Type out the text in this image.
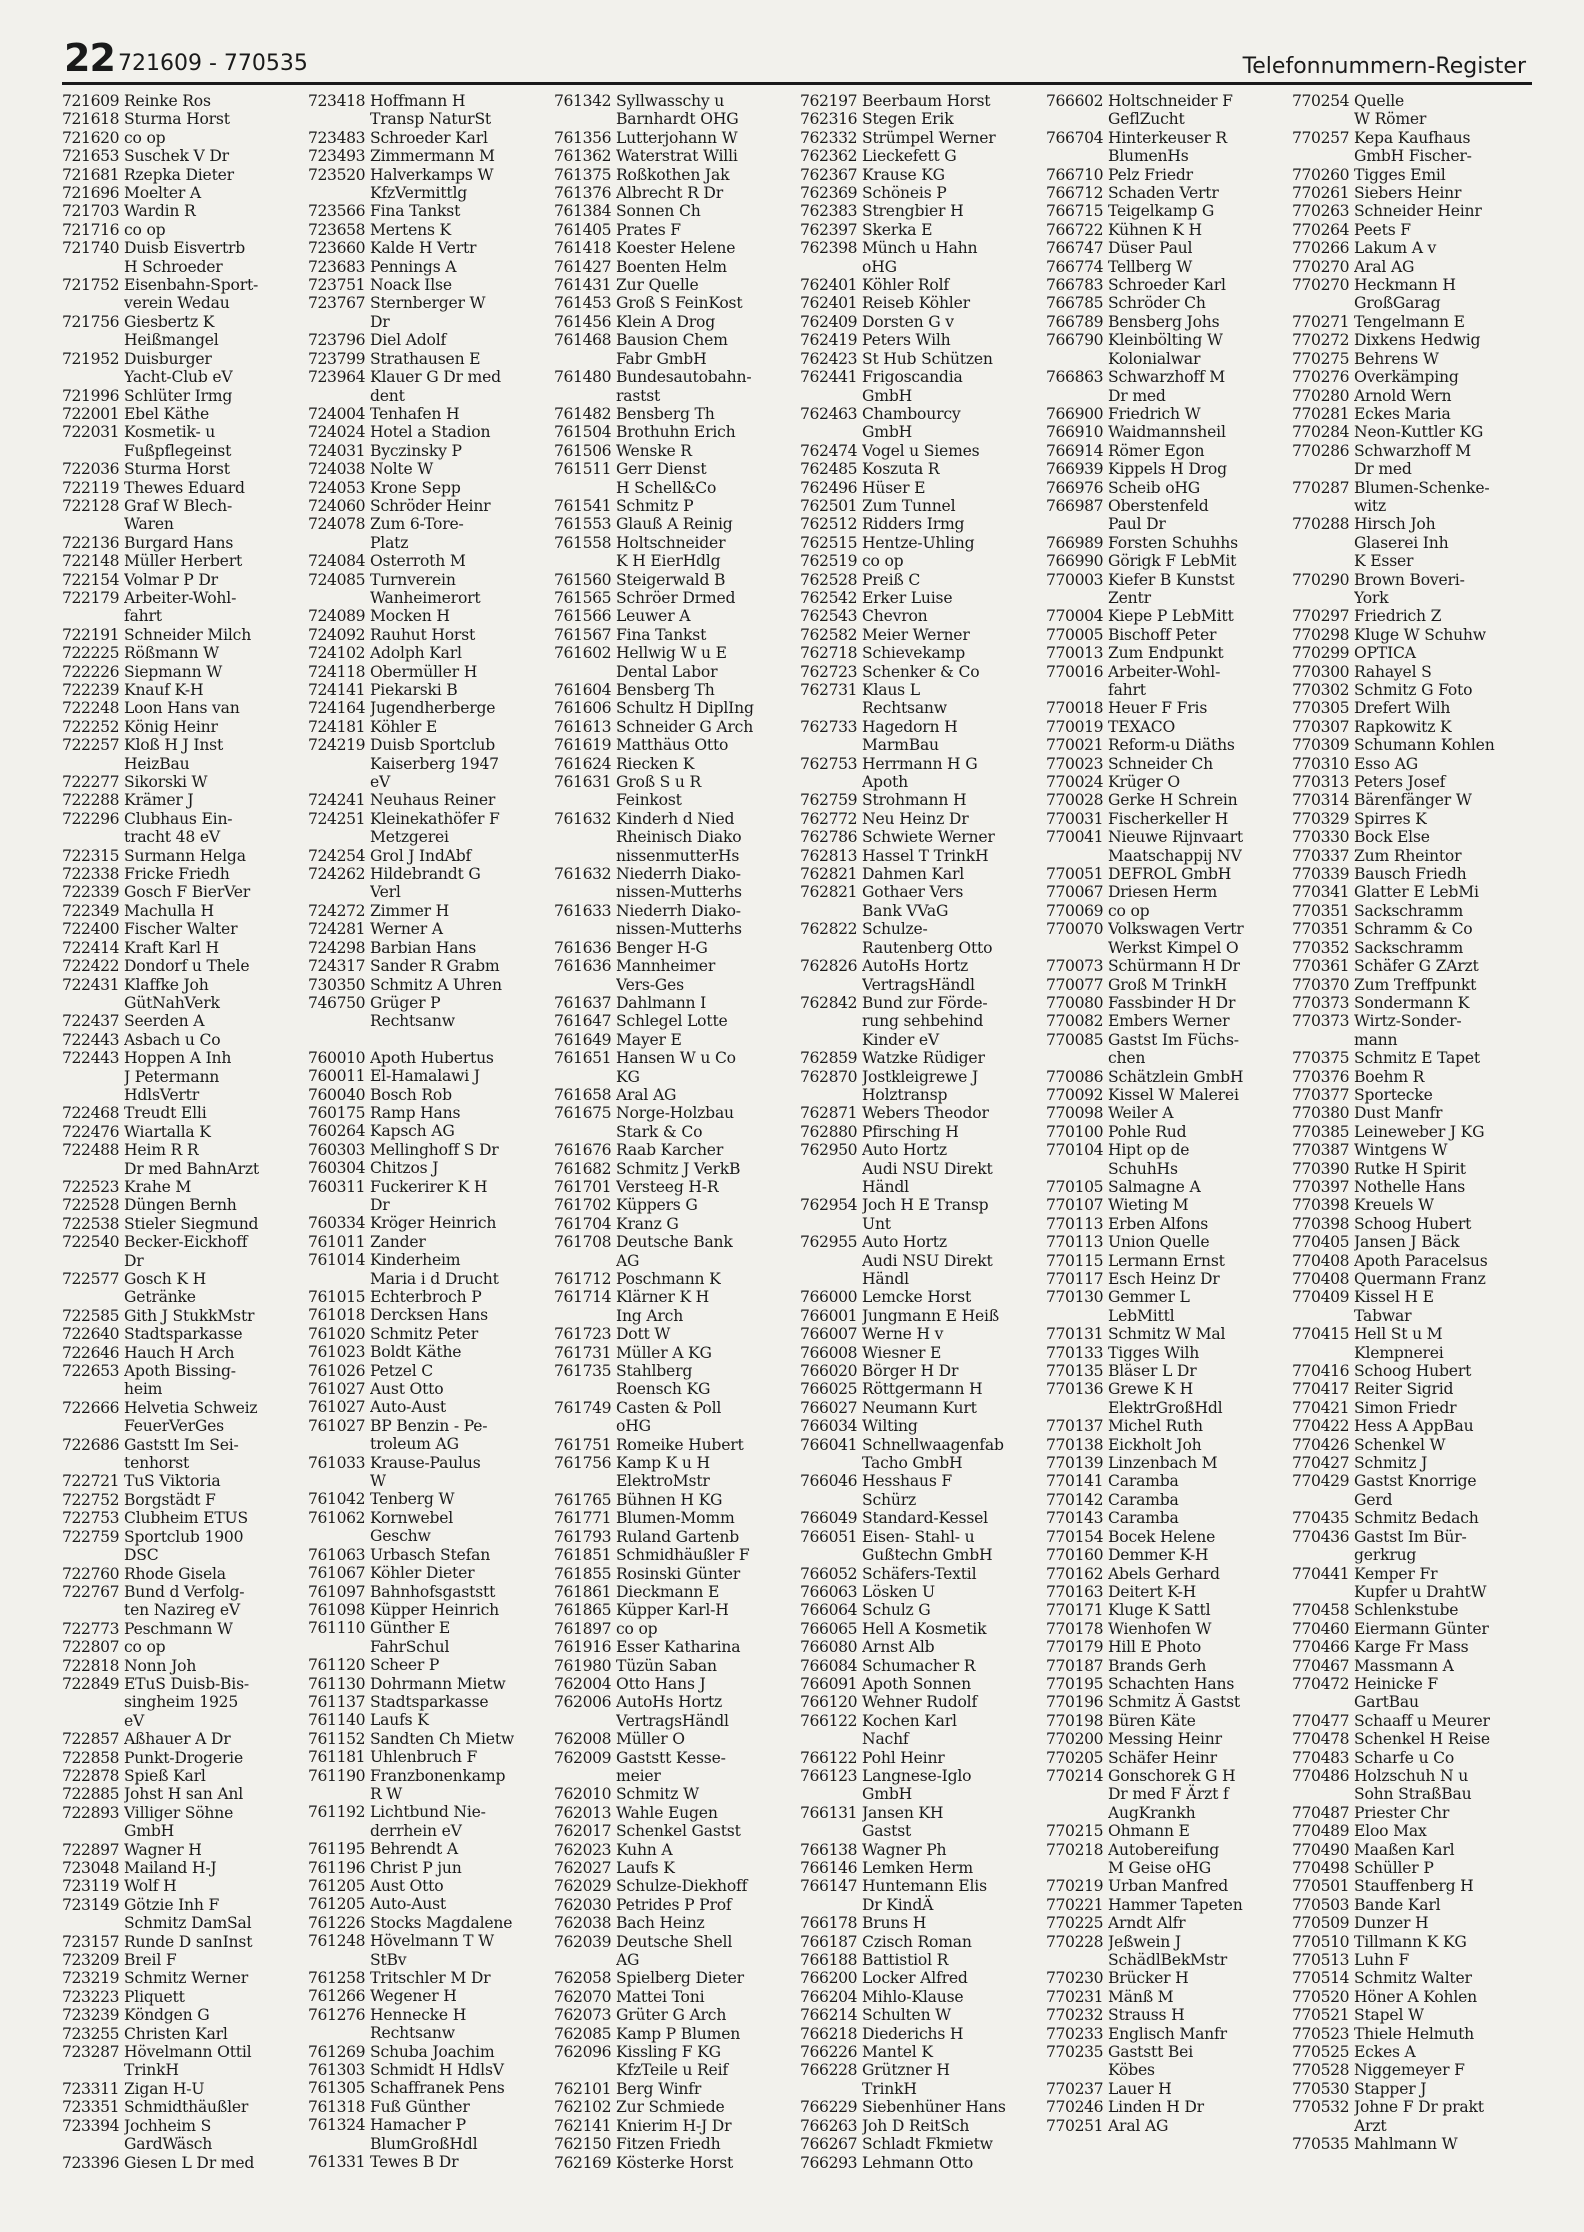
22 721609 - 770535	Telefonnummern-Register
721609 Reinke Ros
721618 Sturma Horst
721620 co op
721653 Suschek V Dr
721681 Rzepka Dieter
721696 Moelter A
721703 Wardin R
721716 co op
721740 Duisb Eisvertrb
H Schroeder
721752 Eisenbahn-Sport-
verein Wedau
721756 Giesbertz K
Heißmangel
721952 Duisburger
Yacht-Club eV
721996 Schlüter Irmg
722001 Ebel Käthe
722031 Kosmetik- u
Fußpflegeinst
722036 Sturma Horst
722119 Thewes Eduard
722128 Graf W Blech-
Waren
722136 Burgard Hans
722148 Müller Herbert
722154 Volmar P Dr
722179 Arbeiter-Wohl-
fahrt
722191 Schneider Milch
722225 Rößmann W
722226 Siepmann W
722239 Knauf K-H
722248 Loon Hans van
722252 König Heinr
722257 Kloß H J Inst
HeizBau
722277 Sikorski W
722288 Krämer J
722296 Clubhaus Ein-
tracht 48 eV
722315 Surmann Helga
722338 Fricke Friedh
722339 Gosch F BierVer
722349 Machulla H
722400 Fischer Walter
722414 Kraft Karl H
722422 Dondorf u Thele
722431 Klaffke Joh
GütNahVerk
722437 Seerden A
722443 Asbach u Co
722443 Hoppen A Inh
J Petermann
HdlsVertr
722468 Treudt Elli
722476 Wiartalla K
722488 Heim R R
Dr med BahnArzt
722523 Krahe M
722528 Düngen Bernh
722538 Stieler Siegmund
722540 Becker-Eickhoff
Dr
722577 Gosch K H
Getränke
722585 Gith J StukkMstr
722640 Stadtsparkasse
722646 Hauch H Arch
722653 Apoth Bissing-
heim
722666 Helvetia Schweiz
FeuerVerGes
722686 Gaststt Im Sei-
tenhorst
722721 TuS Viktoria
722752 Borgstädt F
722753 Clubheim ETUS
722759 Sportclub 1900
DSC
722760 Rhode Gisela
722767 Bund d Verfolg-
ten Nazireg eV
722773 Peschmann W
722807 co op
722818 Nonn Joh
722849 ETuS Duisb-Bis-
singheim 1925
eV
722857 Aßhauer A Dr
722858 Punkt-Drogerie
722878 Spieß Karl
722885 Johst H san Anl
722893 Villiger Söhne
GmbH
722897 Wagner H
723048 Mailand H-J
723119 Wolf H
723149 Götzie Inh F
Schmitz DamSal
723157 Runde D sanInst
723209 Breil F
723219 Schmitz Werner
723223 Pliquett
723239 Köndgen G
723255 Christen Karl
723287 Hövelmann Ottil
TrinkH
723311 Zigan H-U
723351 Schmidthäußler
723394 Jochheim S
GardWäsch
723396 Giesen L Dr med
723418 Hoffmann H
Transp NaturSt
723483 Schroeder Karl
723493 Zimmermann M
723520 Halverkamps W
KfzVermittlg
723566 Fina Tankst
723658 Mertens K
723660 Kalde H Vertr
723683 Pennings A
723751 Noack Ilse
723767 Sternberger W
Dr
723796 Diel Adolf
723799 Strathausen E
723964 Klauer G Dr med
dent
724004 Tenhafen H
724024 Hotel a Stadion
724031 Byczinsky P
724038 Nolte W
724053 Krone Sepp
724060 Schröder Heinr
724078 Zum 6-Tore-
Platz
724084 Osterroth M
724085 Turnverein
Wanheimerort
724089 Mocken H
724092 Rauhut Horst
724102 Adolph Karl
724118 Obermüller H
724141 Piekarski B
724164 Jugendherberge
724181 Köhler E
724219 Duisb Sportclub
Kaiserberg 1947
eV
724241 Neuhaus Reiner
724251 Kleinekathöfer F
Metzgerei
724254 Grol J IndAbf
724262 Hildebrandt G
Verl
724272 Zimmer H
724281 Werner A
724298 Barbian Hans
724317 Sander R Grabm
730350 Schmitz A Uhren
746750 Grüger P
Rechtsanw
760010 Apoth Hubertus
760011 El-Hamalawi J
760040 Bosch Rob
760175 Ramp Hans
760264 Kapsch AG
760303 Mellinghoff S Dr
760304 Chitzos J
760311 Fuckerirer K H
Dr
760334 Kröger Heinrich
761011 Zander
761014 Kinderheim
Maria i d Drucht
761015 Echterbroch P
761018 Dercksen Hans
761020 Schmitz Peter
761023 Boldt Käthe
761026 Petzel C
761027 Aust Otto
761027 Auto-Aust
761027 BP Benzin - Pe-
troleum AG
761033 Krause-Paulus
W
761042 Tenberg W
761062 Kornwebel
Geschw
761063 Urbasch Stefan
761067 Köhler Dieter
761097 Bahnhofsgaststt
761098 Küpper Heinrich
761110 Günther E
FahrSchul
761120 Scheer P
761130 Dohrmann Mietw
761137 Stadtsparkasse
761140 Laufs K
761152 Sandten Ch Mietw
761181 Uhlenbruch F
761190 Franzbonenkamp
R W
761192 Lichtbund Nie-
derrhein eV
761195 Behrendt A
761196 Christ P jun
761205 Aust Otto
761205 Auto-Aust
761226 Stocks Magdalene
761248 Hövelmann T W
StBv
761258 Tritschler M Dr
761266 Wegener H
761276 Hennecke H
Rechtsanw
761269 Schuba Joachim
761303 Schmidt H HdlsV
761305 Schaffranek Pens
761318 Fuß Günther
761324 Hamacher P
BlumGroßHdl
761331 Tewes B Dr
761342 Syllwasschy u
Barnhardt OHG
761356 Lutterjohann W
761362 Waterstrat Willi
761375 Roßkothen Jak
761376 Albrecht R Dr
761384 Sonnen Ch
761405 Prates F
761418 Koester Helene
761427 Boenten Helm
761431 Zur Quelle
761453 Groß S FeinKost
761456 Klein A Drog
761468 Bausion Chem
Fabr GmbH
761480 Bundesautobahn-
rastst
761482 Bensberg Th
761504 Brothuhn Erich
761506 Wenske R
761511 Gerr Dienst
H Schell&Co
761541 Schmitz P
761553 Glauß A Reinig
761558 Holtschneider
K H EierHdlg
761560 Steigerwald B
761565 Schröer Drmed
761566 Leuwer A
761567 Fina Tankst
761602 Hellwig W u E
Dental Labor
761604 Bensberg Th
761606 Schultz H DiplIng
761613 Schneider G Arch
761619 Matthäus Otto
761624 Riecken K
761631 Groß S u R
Feinkost
761632 Kinderh d Nied
Rheinisch Diako
nissenmutterHs
761632 Niederrh Diako-
nissen-Mutterhs
761633 Niederrh Diako-
nissen-Mutterhs
761636 Benger H-G
761636 Mannheimer
Vers-Ges
761637 Dahlmann I
761647 Schlegel Lotte
761649 Mayer E
761651 Hansen W u Co
KG
761658 Aral AG
761675 Norge-Holzbau
Stark & Co
761676 Raab Karcher
761682 Schmitz J VerkB
761701 Versteeg H-R
761702 Küppers G
761704 Kranz G
761708 Deutsche Bank
AG
761712 Poschmann K
761714 Klärner K H
Ing Arch
761723 Dott W
761731 Müller A KG
761735 Stahlberg
Roensch KG
761749 Casten & Poll
oHG
761751 Romeike Hubert
761756 Kamp K u H
ElektroMstr
761765 Bühnen H KG
761771 Blumen-Momm
761793 Ruland Gartenb
761851 Schmidhäußler F
761855 Rosinski Günter
761861 Dieckmann E
761865 Küpper Karl-H
761897 co op
761916 Esser Katharina
761980 Tüzün Saban
762004 Otto Hans J
762006 AutoHs Hortz
VertragsHändl
762008 Müller O
762009 Gaststt Kesse-
meier
762010 Schmitz W
762013 Wahle Eugen
762017 Schenkel Gastst
762023 Kuhn A
762027 Laufs K
762029 Schulze-Diekhoff
762030 Petrides P Prof
762038 Bach Heinz
762039 Deutsche Shell
AG
762058 Spielberg Dieter
762070 Mattei Toni
762073 Grüter G Arch
762085 Kamp P Blumen
762096 Kissling F KG
KfzTeile u Reif
762101 Berg Winfr
762102 Zur Schmiede
762141 Knierim H-J Dr
762150 Fitzen Friedh
762169 Kösterke Horst
762197 Beerbaum Horst
762316 Stegen Erik
762332 Strümpel Werner
762362 Lieckefett G
762367 Krause KG
762369 Schöneis P
762383 Strengbier H
762397 Skerka E
762398 Münch u Hahn
oHG
762401 Köhler Rolf
762401 Reiseb Köhler
762409 Dorsten G v
762419 Peters Wilh
762423 St Hub Schützen
762441 Frigoscandia
GmbH
762463 Chambourcy
GmbH
762474 Vogel u Siemes
762485 Koszuta R
762496 Hüser E
762501 Zum Tunnel
762512 Ridders Irmg
762515 Hentze-Uhling
762519 co op
762528 Preiß C
762542 Erker Luise
762543 Chevron
762582 Meier Werner
762718 Schievekamp
762723 Schenker & Co
762731 Klaus L
Rechtsanw
762733 Hagedorn H
MarmBau
762753 Herrmann H G
Apoth
762759 Strohmann H
762772 Neu Heinz Dr
762786 Schwiete Werner
762813 Hassel T TrinkH
762821 Dahmen Karl
762821 Gothaer Vers
Bank VVaG
762822 Schulze-
Rautenberg Otto
762826 AutoHs Hortz
VertragsHändl
762842 Bund zur Förde-
rung sehbehind
Kinder eV
762859 Watzke Rüdiger
762870 Jostkleigrewe J
Holztransp
762871 Webers Theodor
762880 Pfirsching H
762950 Auto Hortz
Audi NSU Direkt
Händl
762954 Joch H E Transp
Unt
762955 Auto Hortz
Audi NSU Direkt
Händl
766000 Lemcke Horst
766001 Jungmann E Heiß
766007 Werne H v
766008 Wiesner E
766020 Börger H Dr
766025 Röttgermann H
766027 Neumann Kurt
766034 Wilting
766041 Schnellwaagenfab
Tacho GmbH
766046 Hesshaus F
Schürz
766049 Standard-Kessel
766051 Eisen- Stahl- u
Gußtechn GmbH
766052 Schäfers-Textil
766063 Lösken U
766064 Schulz G
766065 Hell A Kosmetik
766080 Arnst Alb
766084 Schumacher R
766091 Apoth Sonnen
766120 Wehner Rudolf
766122 Kochen Karl
Nachf
766122 Pohl Heinr
766123 Langnese-Iglo
GmbH
766131 Jansen KH
Gastst
766138 Wagner Ph
766146 Lemken Herm
766147 Huntemann Elis
Dr KindÄ
766178 Bruns H
766187 Czisch Roman
766188 Battistiol R
766200 Locker Alfred
766204 Mihlo-Klause
766214 Schulten W
766218 Diederichs H
766226 Mantel K
766228 Grützner H
TrinkH
766229 Siebenhüner Hans
766263 Joh D ReitSch
766267 Schladt Fkmietw
766293 Lehmann Otto
766602 Holtschneider F
GeflZucht
766704 Hinterkeuser R
BlumenHs
766710 Pelz Friedr
766712 Schaden Vertr
766715 Teigelkamp G
766722 Kühnen K H
766747 Düser Paul
766774 Tellberg W
766783 Schroeder Karl
766785 Schröder Ch
766789 Bensberg Johs
766790 Kleinbölting W
Kolonialwar
766863 Schwarzhoff M
Dr med
766900 Friedrich W
766910 Waidmannsheil
766914 Römer Egon
766939 Kippels H Drog
766976 Scheib oHG
766987 Oberstenfeld
Paul Dr
766989 Forsten Schuhhs
766990 Görigk F LebMit
770003 Kiefer B Kunstst
Zentr
770004 Kiepe P LebMitt
770005 Bischoff Peter
770013 Zum Endpunkt
770016 Arbeiter-Wohl-
fahrt
770018 Heuer F Fris
770019 TEXACO
770021 Reform-u Diäths
770023 Schneider Ch
770024 Krüger O
770028 Gerke H Schrein
770031 Fischerkeller H
770041 Nieuwe Rijnvaart
Maatschappij NV
770051 DEFROL GmbH
770067 Driesen Herm
770069 co op
770070 Volkswagen Vertr
Werkst Kimpel O
770073 Schürmann H Dr
770077 Groß M TrinkH
770080 Fassbinder H Dr
770082 Embers Werner
770085 Gastst Im Füchs-
chen
770086 Schätzlein GmbH
770092 Kissel W Malerei
770098 Weiler A
770100 Pohle Rud
770104 Hipt op de
SchuhHs
770105 Salmagne A
770107 Wieting M
770113 Erben Alfons
770113 Union Quelle
770115 Lermann Ernst
770117 Esch Heinz Dr
770130 Gemmer L
LebMittl
770131 Schmitz W Mal
770133 Tigges Wilh
770135 Bläser L Dr
770136 Grewe K H
ElektrGroßHdl
770137 Michel Ruth
770138 Eickholt Joh
770139 Linzenbach M
770141 Caramba
770142 Caramba
770143 Caramba
770154 Bocek Helene
770160 Demmer K-H
770162 Abels Gerhard
770163 Deitert K-H
770171 Kluge K Sattl
770178 Wienhofen W
770179 Hill E Photo
770187 Brands Gerh
770195 Schachten Hans
770196 Schmitz Ä Gastst
770198 Büren Käte
770200 Messing Heinr
770205 Schäfer Heinr
770214 Gonschorek G H
Dr med F Ärzt f
AugKrankh
770215 Ohmann E
770218 Autobereifung
M Geise oHG
770219 Urban Manfred
770221 Hammer Tapeten
770225 Arndt Alfr
770228 Jeßwein J
SchädlBekMstr
770230 Brücker H
770231 Mänß M
770232 Strauss H
770233 Englisch Manfr
770235 Gaststt Bei
Köbes
770237 Lauer H
770246 Linden H Dr
770251 Aral AG
770254 Quelle
W Römer
770257 Kepa Kaufhaus
GmbH Fischer-
770260 Tigges Emil
770261 Siebers Heinr
770263 Schneider Heinr
770264 Peets F
770266 Lakum A v
770270 Aral AG
770270 Heckmann H
GroßGarag
770271 Tengelmann E
770272 Dixkens Hedwig
770275 Behrens W
770276 Overkämping
770280 Arnold Wern
770281 Eckes Maria
770284 Neon-Kuttler KG
770286 Schwarzhoff M
Dr med
770287 Blumen-Schenke-
witz
770288 Hirsch Joh
Glaserei Inh
K Esser
770290 Brown Boveri-
York
770297 Friedrich Z
770298 Kluge W Schuhw
770299 OPTICA
770300 Rahayel S
770302 Schmitz G Foto
770305 Drefert Wilh
770307 Rapkowitz K
770309 Schumann Kohlen
770310 Esso AG
770313 Peters Josef
770314 Bärenfänger W
770329 Spirres K
770330 Bock Else
770337 Zum Rheintor
770339 Bausch Friedh
770341 Glatter E LebMi
770351 Sackschramm
770351 Schramm & Co
770352 Sackschramm
770361 Schäfer G ZArzt
770370 Zum Treffpunkt
770373 Sondermann K
770373 Wirtz-Sonder-
mann
770375 Schmitz E Tapet
770376 Boehm R
770377 Sportecke
770380 Dust Manfr
770385 Leineweber J KG
770387 Wintgens W
770390 Rutke H Spirit
770397 Nothelle Hans
770398 Kreuels W
770398 Schoog Hubert
770405 Jansen J Bäck
770408 Apoth Paracelsus
770408 Quermann Franz
770409 Kissel H E
Tabwar
770415 Hell St u M
Klempnerei
770416 Schoog Hubert
770417 Reiter Sigrid
770421 Simon Friedr
770422 Hess A AppBau
770426 Schenkel W
770427 Schmitz J
770429 Gastst Knorrige
Gerd
770435 Schmitz Bedach
770436 Gastst Im Bür-
gerkrug
770441 Kemper Fr
Kupfer u DrahtW
770458 Schlenkstube
770460 Eiermann Günter
770466 Karge Fr Mass
770467 Massmann A
770472 Heinicke F
GartBau
770477 Schaaff u Meurer
770478 Schenkel H Reise
770483 Scharfe u Co
770486 Holzschuh N u
Sohn StraßBau
770487 Priester Chr
770489 Eloo Max
770490 Maaßen Karl
770498 Schüller P
770501 Stauffenberg H
770503 Bande Karl
770509 Dunzer H
770510 Tillmann K KG
770513 Luhn F
770514 Schmitz Walter
770520 Höner A Kohlen
770521 Stapel W
770523 Thiele Helmuth
770525 Eckes A
770528 Niggemeyer F
770530 Stapper J
770532 Johne F Dr prakt
Arzt
770535 Mahlmann W
